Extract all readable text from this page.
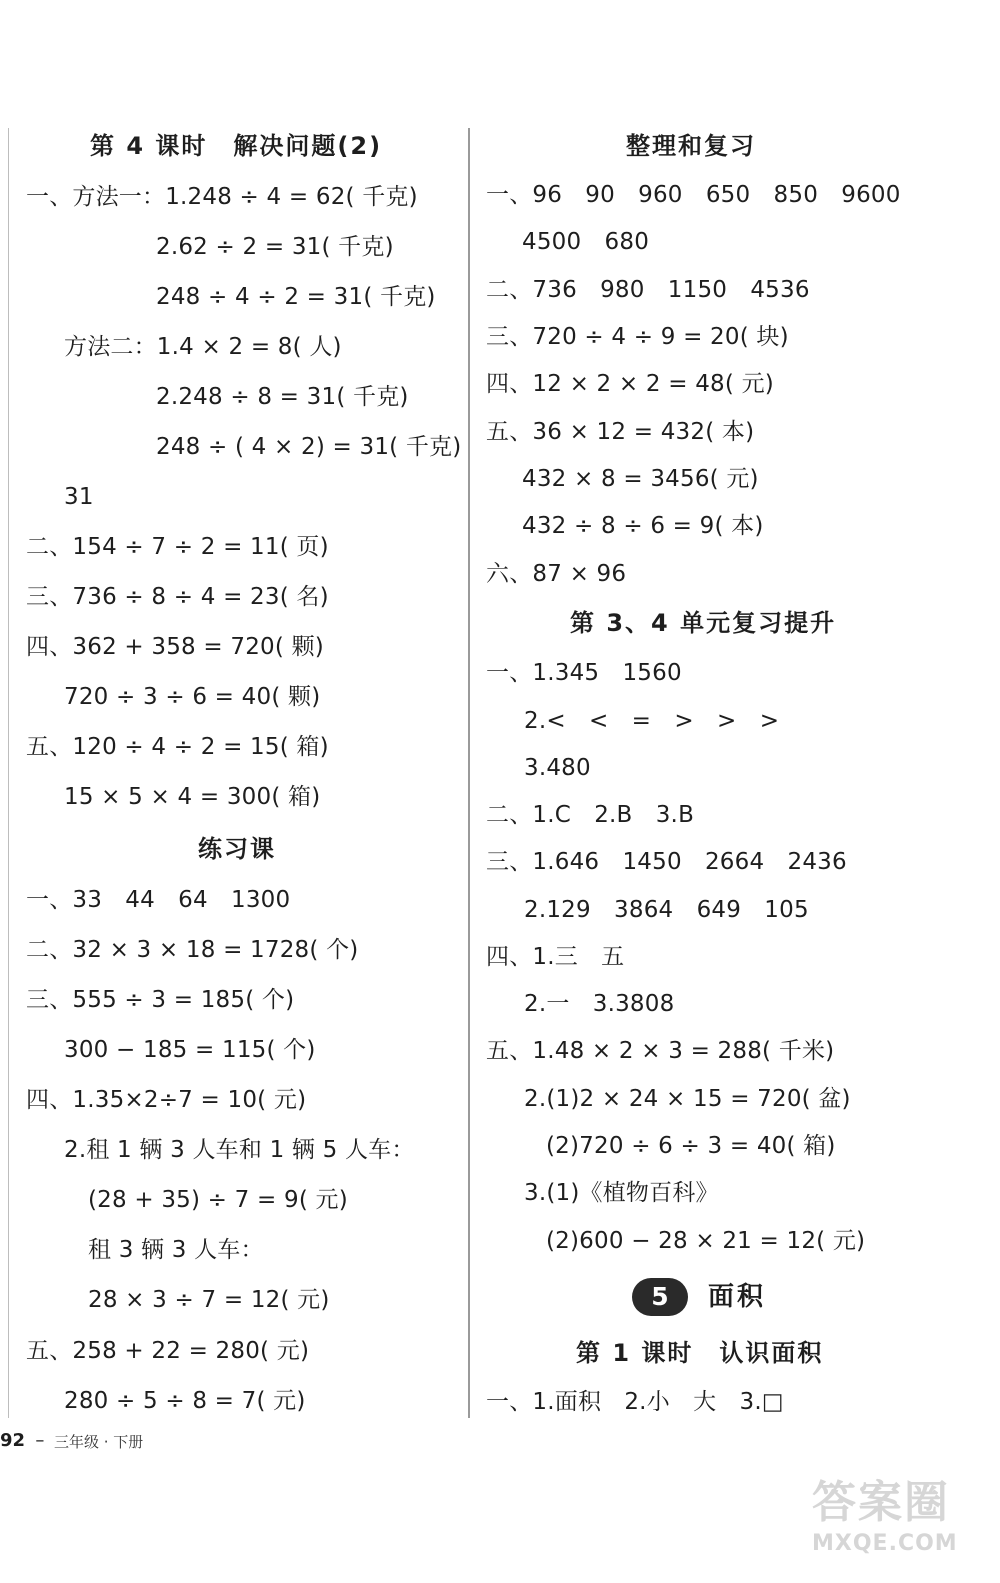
第 4 课时　解决问题(2)
一、方法一：1.248 ÷ 4 = 62( 千克)
2.62 ÷ 2 = 31( 千克)
248 ÷ 4 ÷ 2 = 31( 千克)
方法二：1.4 × 2 = 8( 人)
2.248 ÷ 8 = 31( 千克)
248 ÷ ( 4 × 2) = 31( 千克)
31
二、154 ÷ 7 ÷ 2 = 11( 页)
三、736 ÷ 8 ÷ 4 = 23( 名)
四、362 + 358 = 720( 颗)
720 ÷ 3 ÷ 6 = 40( 颗)
五、120 ÷ 4 ÷ 2 = 15( 箱)
15 × 5 × 4 = 300( 箱)
练习课
一、33　44　64　1300
二、32 × 3 × 18 = 1728( 个)
三、555 ÷ 3 = 185( 个)
300 − 185 = 115( 个)
四、1.35×2÷7 = 10( 元)
2.租 1 辆 3 人车和 1 辆 5 人车：
(28 + 35) ÷ 7 = 9( 元)
租 3 辆 3 人车：
28 × 3 ÷ 7 = 12( 元)
五、258 + 22 = 280( 元)
280 ÷ 5 ÷ 8 = 7( 元)
整理和复习
一、96　90　960　650　850　9600
4500　680
二、736　980　1150　4536
三、720 ÷ 4 ÷ 9 = 20( 块)
四、12 × 2 × 2 = 48( 元)
五、36 × 12 = 432( 本)
432 × 8 = 3456( 元)
432 ÷ 8 ÷ 6 = 9( 本)
六、87 × 96
第 3、4 单元复习提升
一、1.345　1560
2.<　<　=　>　>　>
3.480
二、1.C　2.B　3.B
三、1.646　1450　2664　2436
2.129　3864　649　105
四、1.三　五
2.一　3.3808
五、1.48 × 2 × 3 = 288( 千米)
2.(1)2 × 24 × 15 = 720( 盆)
(2)720 ÷ 6 ÷ 3 = 40( 箱)
3.(1)《植物百科》
(2)600 − 28 × 21 = 12( 元)
5	面积
第 1 课时　认识面积
一、1.面积　2.小　大　3.□
92 – 三年级 · 下册
答案圈
MXQE.COM
